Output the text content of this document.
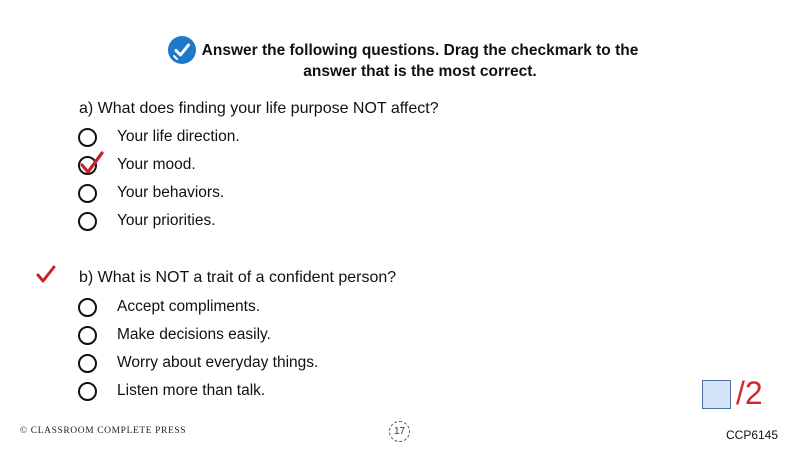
Answer the following questions. Drag the checkmark to the
answer that is the most correct.
a) What does finding your life purpose NOT affect?
Your life direction.
Your mood.
Your behaviors.
Your priorities.
b) What is NOT a trait of a confident person?
Accept compliments.
Make decisions easily.
Worry about everyday things.
Listen more than talk.	/2
© CLASSROOM COMPLETE PRESS	17	CCP6145
